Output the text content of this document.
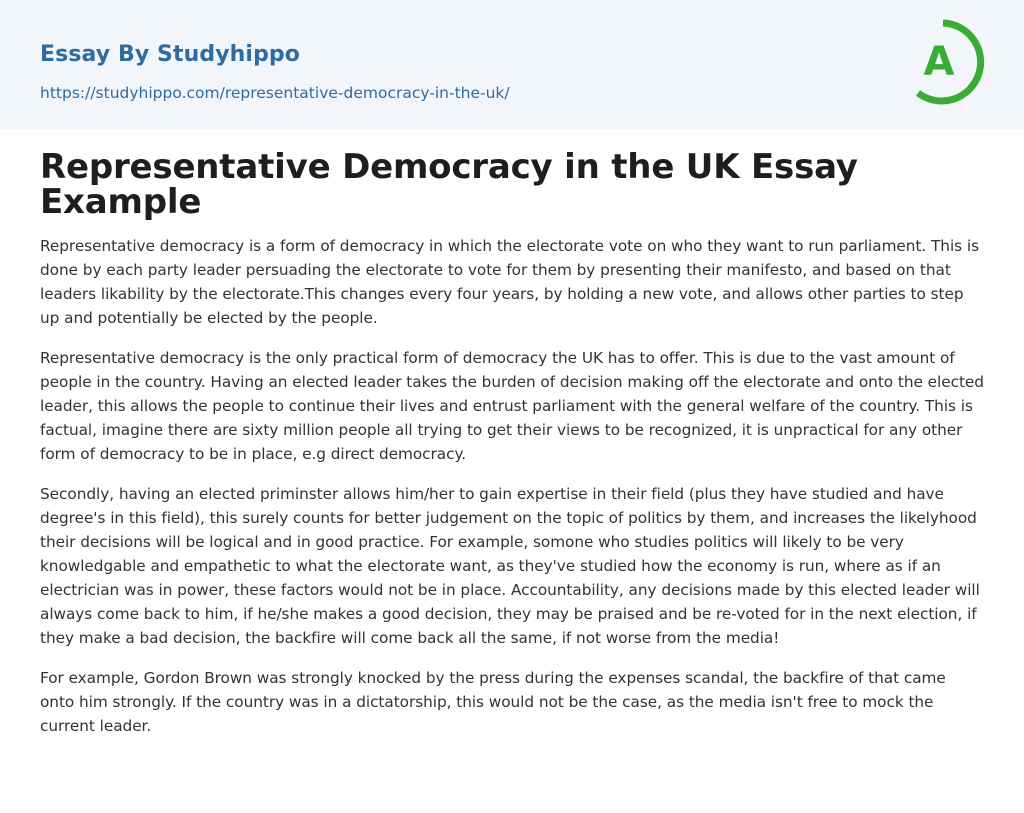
Essay By Studyhippo
https://studyhippo.com/representative-democracy-in-the-uk/
A
Representative Democracy in the UK Essay Example

Representative democracy is a form of democracy in which the electorate vote on who they want to run parliament. This is done by each party leader persuading the electorate to vote for them by presenting their manifesto, and based on that leaders likability by the electorate.This changes every four years, by holding a new vote, and allows other parties to step up and potentially be elected by the people.

Representative democracy is the only practical form of democracy the UK has to offer. This is due to the vast amount of people in the country. Having an elected leader takes the burden of decision making off the electorate and onto the elected leader, this allows the people to continue their lives and entrust parliament with the general welfare of the country. This is factual, imagine there are sixty million people all trying to get their views to be recognized, it is unpractical for any other form of democracy to be in place, e.g direct democracy.

Secondly, having an elected priminster allows him/her to gain expertise in their field (plus they have studied and have degree's in this field), this surely counts for better judgement on the topic of politics by them, and increases the likelyhood their decisions will be logical and in good practice. For example, somone who studies politics will likely to be very knowledgable and empathetic to what the electorate want, as they've studied how the economy is run, where as if an electrician was in power, these factors would not be in place. Accountability, any decisions made by this elected leader will always come back to him, if he/she makes a good decision, they may be praised and be re-voted for in the next election, if they make a bad decision, the backfire will come back all the same, if not worse from the media!

For example, Gordon Brown was strongly knocked by the press during the expenses scandal, the backfire of that came onto him strongly. If the country was in a dictatorship, this would not be the case, as the media isn't free to mock the current leader.
